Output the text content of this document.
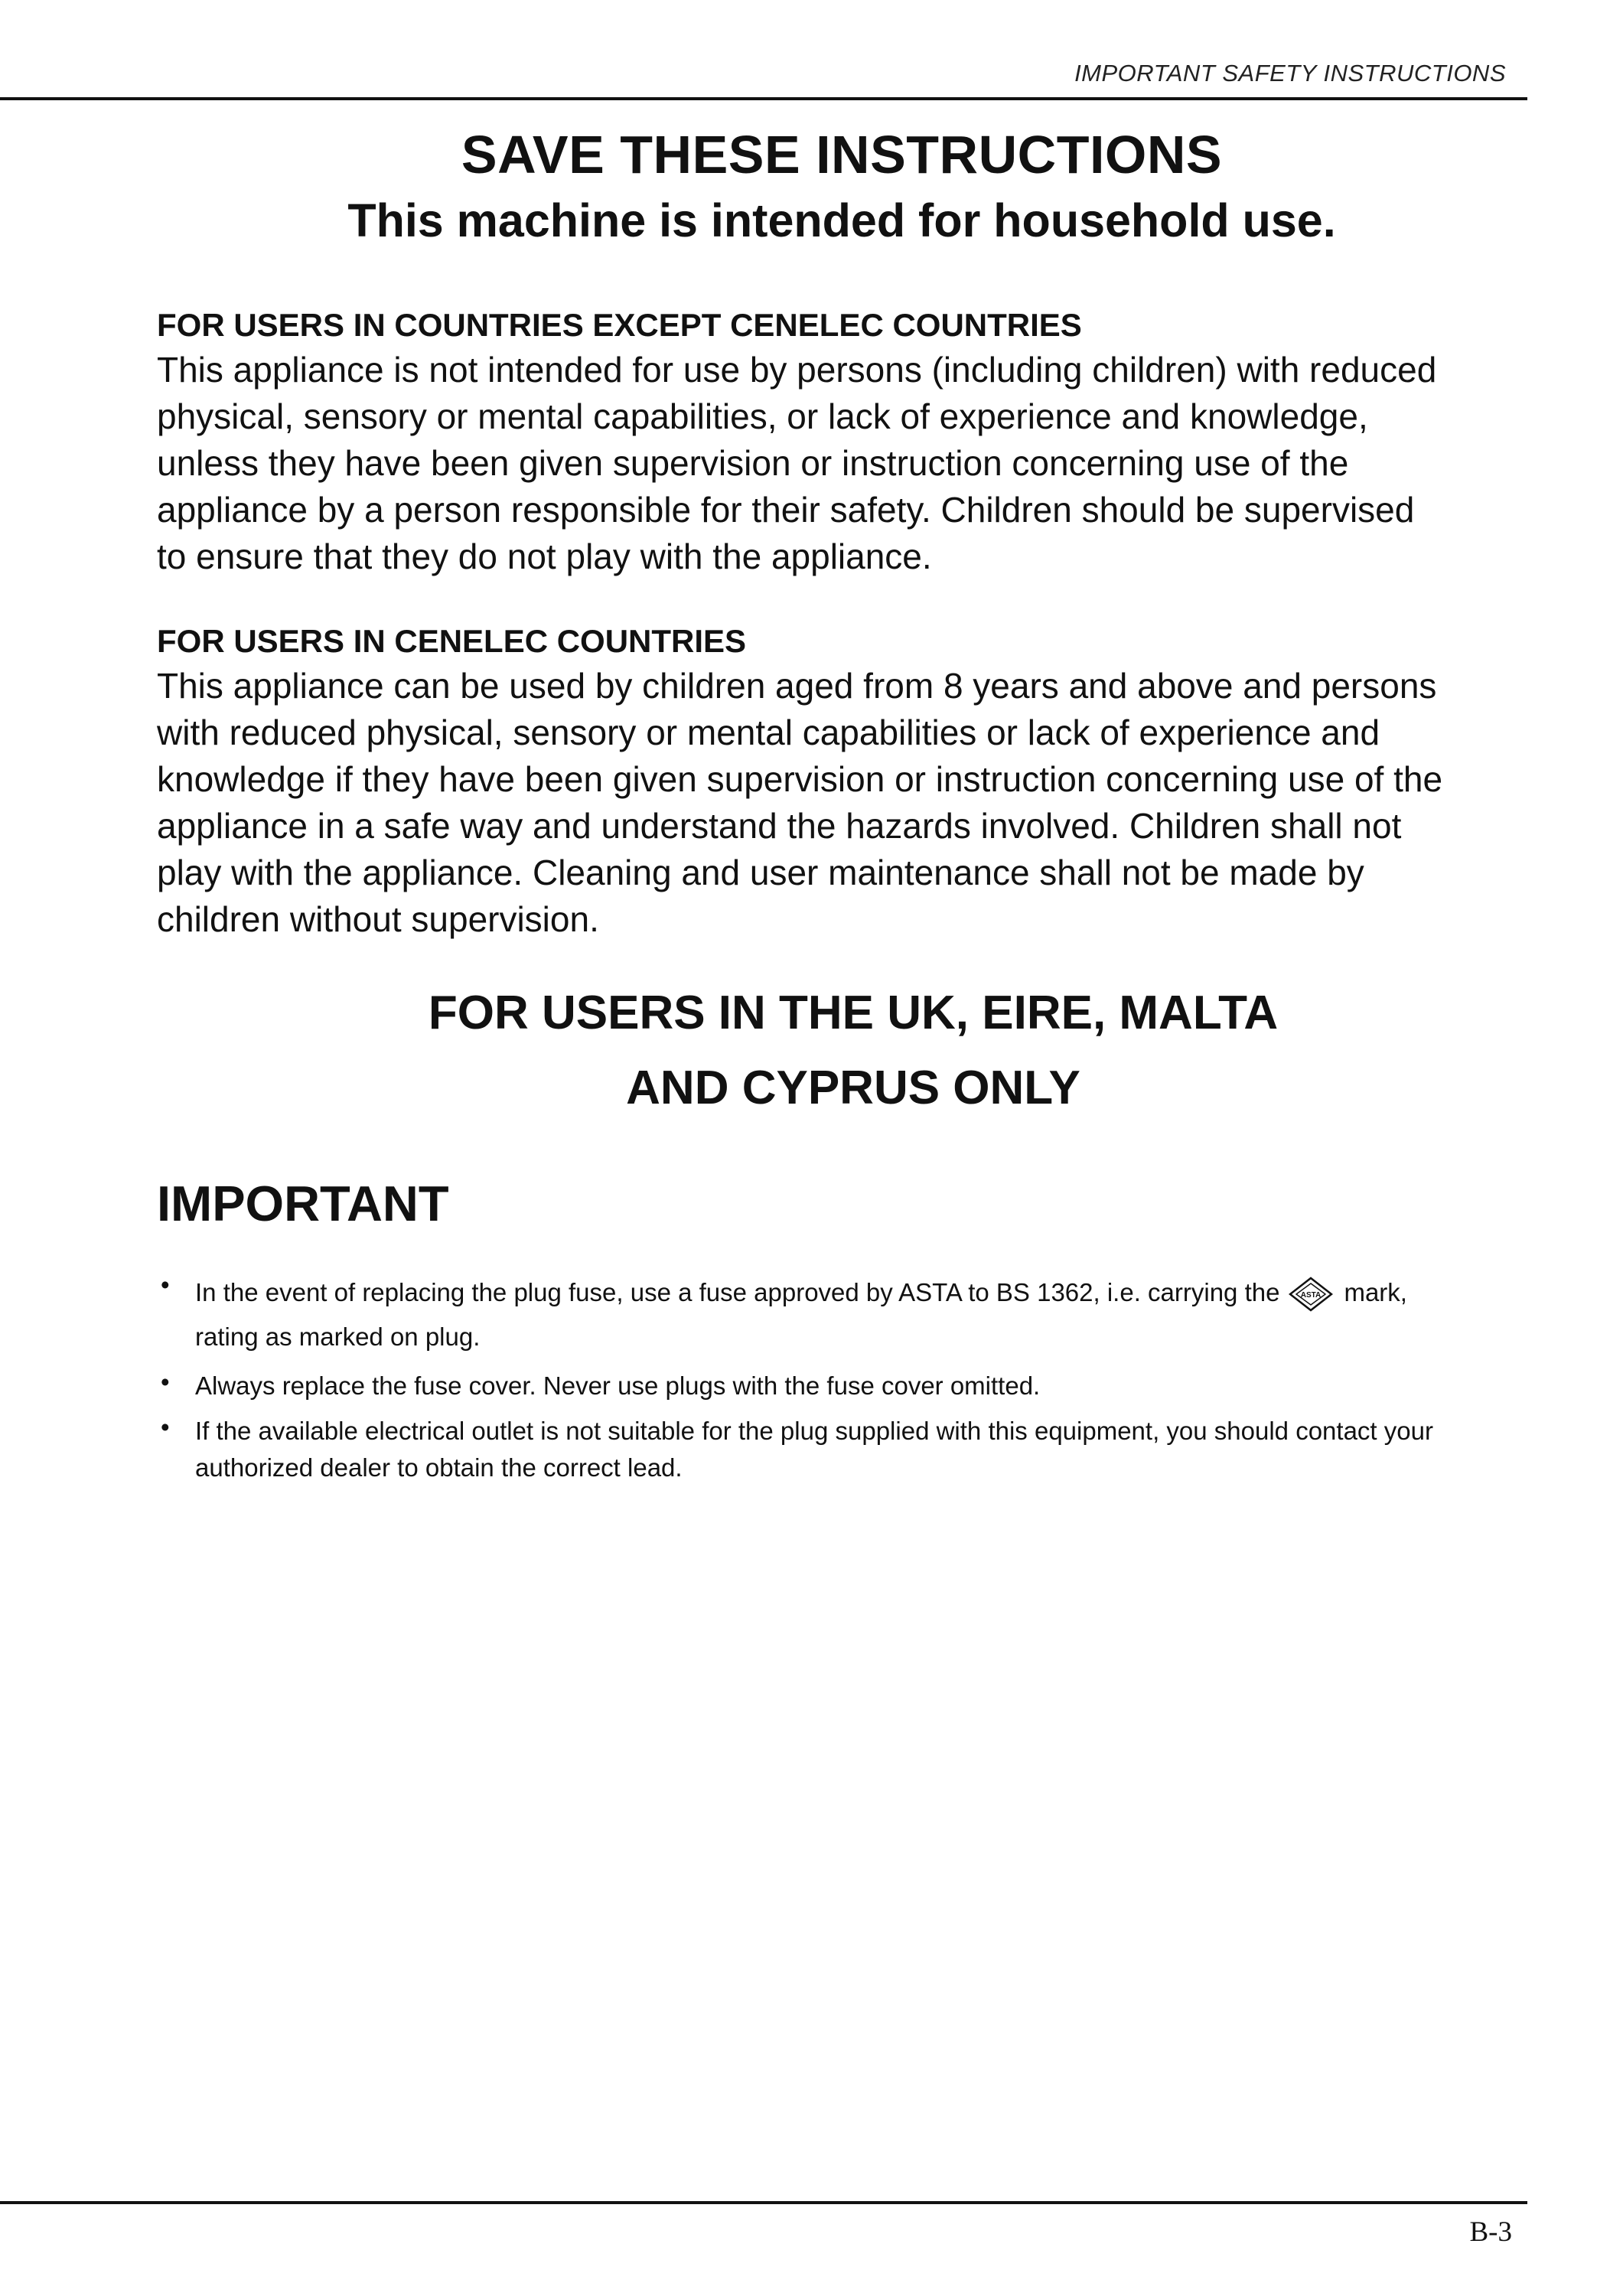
IMPORTANT SAFETY INSTRUCTIONS
SAVE THESE INSTRUCTIONS
This machine is intended for household use.
FOR USERS IN COUNTRIES EXCEPT CENELEC COUNTRIES
This appliance is not intended for use by persons (including children) with reduced
physical, sensory or mental capabilities, or lack of experience and knowledge,
unless they have been given supervision or instruction concerning use of the
appliance by a person responsible for their safety. Children should be supervised
to ensure that they do not play with the appliance.
FOR USERS IN CENELEC COUNTRIES
This appliance can be used by children aged from 8 years and above and persons
with reduced physical, sensory or mental capabilities or lack of experience and
knowledge if they have been given supervision or instruction concerning use of the
appliance in a safe way and understand the hazards involved. Children shall not
play with the appliance. Cleaning and user maintenance shall not be made by
children without supervision.
FOR USERS IN THE UK, EIRE, MALTA
AND CYPRUS ONLY
IMPORTANT
• In the event of replacing the plug fuse, use a fuse approved by ASTA to BS 1362, i.e. carrying the	ASTA mark,
rating as marked on plug.
• Always replace the fuse cover. Never use plugs with the fuse cover omitted.
• If the available electrical outlet is not suitable for the plug supplied with this equipment, you should contact your
authorized dealer to obtain the correct lead.
B-3
